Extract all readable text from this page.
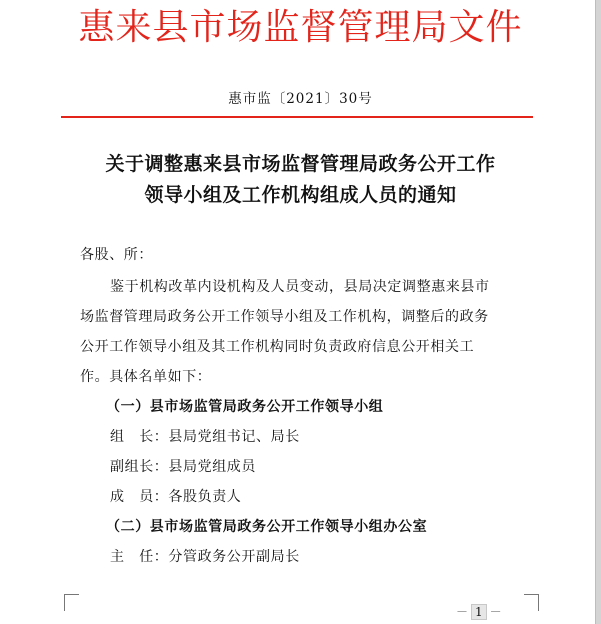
惠来县市场监督管理局文件
惠市监〔2021〕30号
关于调整惠来县市场监督管理局政务公开工作
领导小组及工作机构组成人员的通知
各股、所：
鉴于机构改革内设机构及人员变动，县局决定调整惠来县市
场监督管理局政务公开工作领导小组及工作机构，调整后的政务
公开工作领导小组及其工作机构同时负责政府信息公开相关工
作。具体名单如下：
（一）县市场监管局政务公开工作领导小组
组　长：县局党组书记、局长
副组长：县局党组成员
成　员：各股负责人
（二）县市场监管局政务公开工作领导小组办公室
主　任：分管政务公开副局长
－ 1 －
